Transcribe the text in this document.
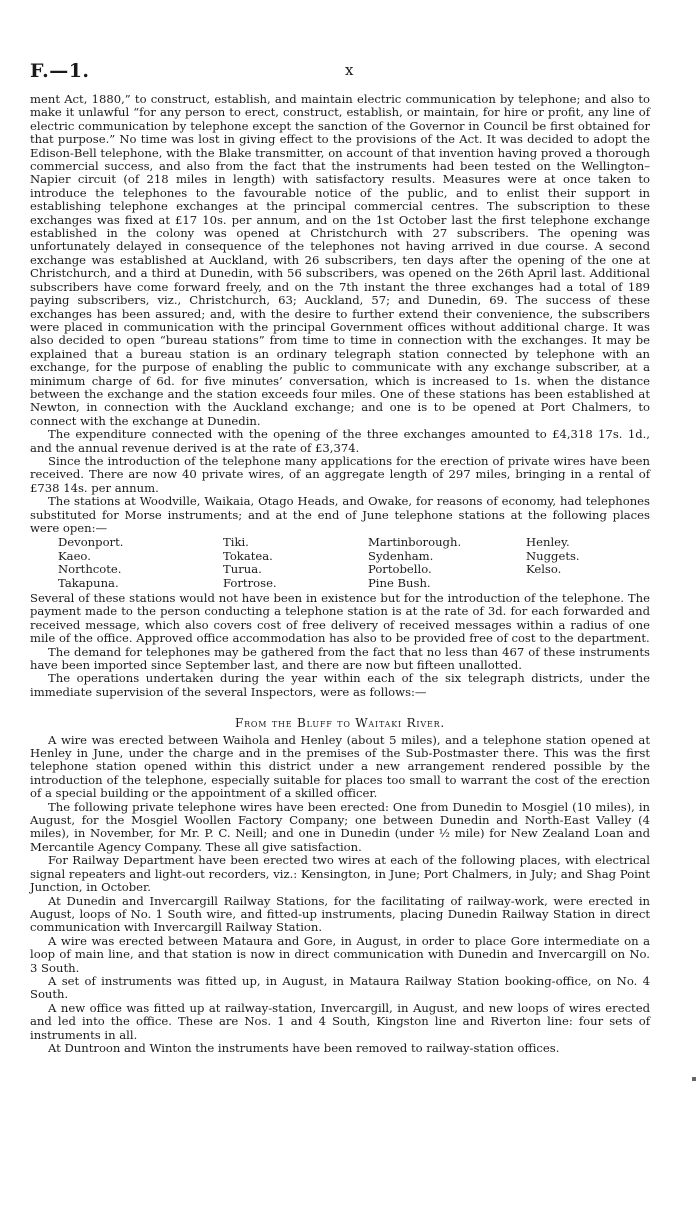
F.—1.	x

ment Act, 1880,” to construct, establish, and maintain electric communication by telephone; and also to make it unlawful “for any person to erect, construct, establish, or maintain, for hire or profit, any line of electric communication by telephone except the sanction of the Governor in Council be first obtained for that purpose.” No time was lost in giving effect to the provisions of the Act. It was decided to adopt the Edison-Bell telephone, with the Blake transmitter, on account of that invention having proved a thorough commercial success, and also from the fact that the instruments had been tested on the Wellington–Napier circuit (of 218 miles in length) with satisfactory results. Measures were at once taken to introduce the telephones to the favourable notice of the public, and to enlist their support in establishing telephone exchanges at the principal commercial centres. The subscription to these exchanges was fixed at £17 10s. per annum, and on the 1st October last the first telephone exchange established in the colony was opened at Christchurch with 27 subscribers. The opening was unfortunately delayed in consequence of the telephones not having arrived in due course. A second exchange was established at Auckland, with 26 subscribers, ten days after the opening of the one at Christchurch, and a third at Dunedin, with 56 subscribers, was opened on the 26th April last. Additional subscribers have come forward freely, and on the 7th instant the three exchanges had a total of 189 paying subscribers, viz., Christchurch, 63; Auckland, 57; and Dunedin, 69. The success of these exchanges has been assured; and, with the desire to further extend their convenience, the subscribers were placed in communication with the principal Government offices without additional charge. It was also decided to open “bureau stations” from time to time in connection with the exchanges. It may be explained that a bureau station is an ordinary telegraph station connected by telephone with an exchange, for the purpose of enabling the public to communicate with any exchange subscriber, at a minimum charge of 6d. for five minutes’ conversation, which is increased to 1s. when the distance between the exchange and the station exceeds four miles. One of these stations has been established at Newton, in connection with the Auckland exchange; and one is to be opened at Port Chalmers, to connect with the exchange at Dunedin.

The expenditure connected with the opening of the three exchanges amounted to £4,318 17s. 1d., and the annual revenue derived is at the rate of £3,374.

Since the introduction of the telephone many applications for the erection of private wires have been received. There are now 40 private wires, of an aggregate length of 297 miles, bringing in a rental of £738 14s. per annum.

The stations at Woodville, Waikaia, Otago Heads, and Owake, for reasons of economy, had telephones substituted for Morse instruments; and at the end of June telephone stations at the following places were open:—

Devonport.
Kaeo.
Northcote.
Takapuna.
Tiki.
Tokatea.
Turua.
Fortrose.
Martinborough.
Sydenham.
Portobello.
Pine Bush.
Henley.
Nuggets.
Kelso.

Several of these stations would not have been in existence but for the introduction of the telephone. The payment made to the person conducting a telephone station is at the rate of 3d. for each forwarded and received message, which also covers cost of free delivery of received messages within a radius of one mile of the office. Approved office accommodation has also to be provided free of cost to the department.

The demand for telephones may be gathered from the fact that no less than 467 of these instruments have been imported since September last, and there are now but fifteen unallotted.

The operations undertaken during the year within each of the six telegraph districts, under the immediate supervision of the several Inspectors, were as follows:—

From the Bluff to Waitaki River.

A wire was erected between Waihola and Henley (about 5 miles), and a telephone station opened at Henley in June, under the charge and in the premises of the Sub-Postmaster there. This was the first telephone station opened within this district under a new arrangement rendered possible by the introduction of the telephone, especially suitable for places too small to warrant the cost of the erection of a special building or the appointment of a skilled officer.

The following private telephone wires have been erected: One from Dunedin to Mosgiel (10 miles), in August, for the Mosgiel Woollen Factory Company; one between Dunedin and North-East Valley (4 miles), in November, for Mr. P. C. Neill; and one in Dunedin (under ½ mile) for New Zealand Loan and Mercantile Agency Company. These all give satisfaction.

For Railway Department have been erected two wires at each of the following places, with electrical signal repeaters and light-out recorders, viz.: Kensington, in June; Port Chalmers, in July; and Shag Point Junction, in October.

At Dunedin and Invercargill Railway Stations, for the facilitating of railway-work, were erected in August, loops of No. 1 South wire, and fitted-up instruments, placing Dunedin Railway Station in direct communication with Invercargill Railway Station.

A wire was erected between Mataura and Gore, in August, in order to place Gore intermediate on a loop of main line, and that station is now in direct communication with Dunedin and Invercargill on No. 3 South.

A set of instruments was fitted up, in August, in Mataura Railway Station booking-office, on No. 4 South.

A new office was fitted up at railway-station, Invercargill, in August, and new loops of wires erected and led into the office. These are Nos. 1 and 4 South, Kingston line and Riverton line: four sets of instruments in all.

At Duntroon and Winton the instruments have been removed to railway-station offices.
